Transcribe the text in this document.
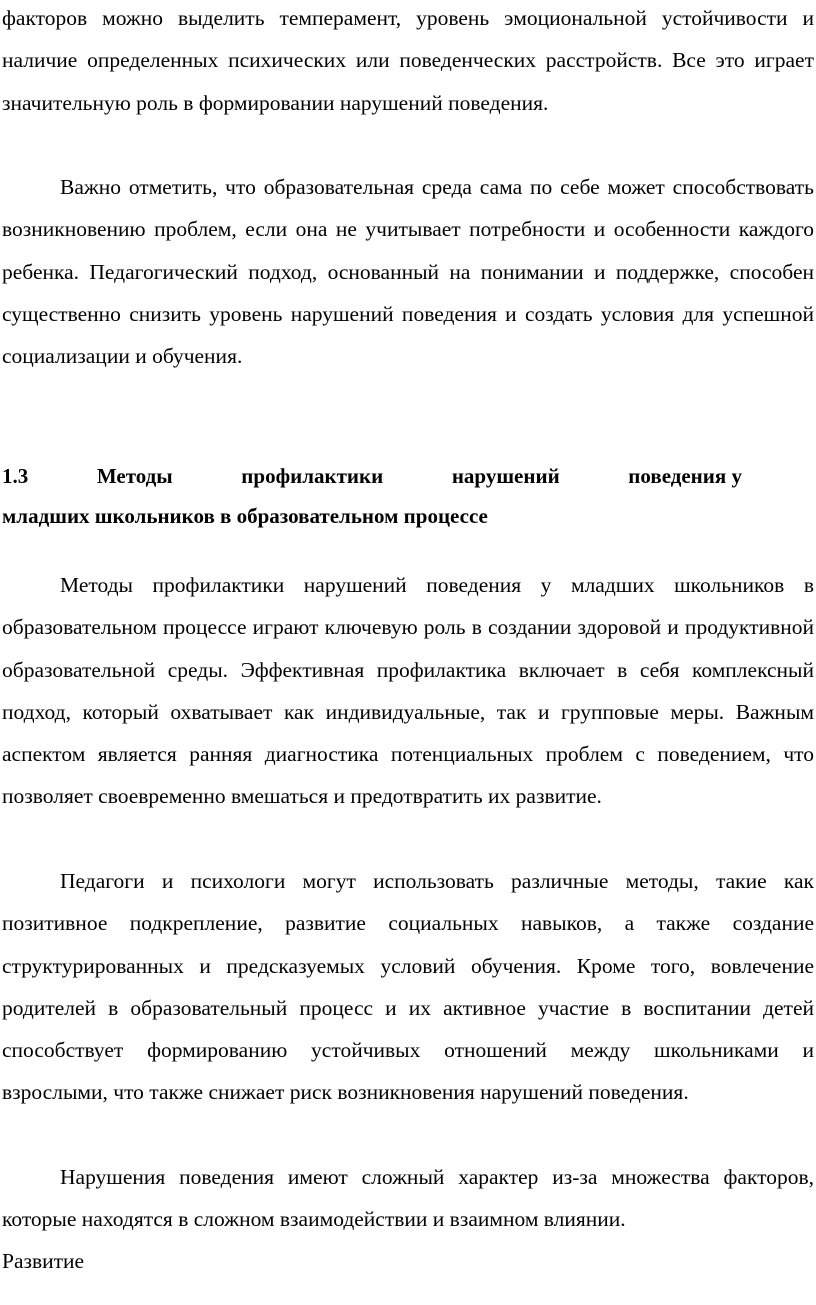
факторов можно выделить темперамент, уровень эмоциональной устойчивости и наличие определенных психических или поведенческих расстройств. Все это играет значительную роль в формировании нарушений поведения.

Важно отметить, что образовательная среда сама по себе может способствовать возникновению проблем, если она не учитывает потребности и особенности каждого ребенка. Педагогический подход, основанный на понимании и поддержке, способен существенно снизить уровень нарушений поведения и создать условия для успешной социализации и обучения.

1.3	Методы	профилактики	нарушений	поведения у
младших школьников в образовательном процессе

Методы профилактики нарушений поведения у младших школьников в образовательном процессе играют ключевую роль в создании здоровой и продуктивной образовательной среды. Эффективная профилактика включает в себя комплексный подход, который охватывает как индивидуальные, так и групповые меры. Важным аспектом является ранняя диагностика потенциальных проблем с поведением, что позволяет своевременно вмешаться и предотвратить их развитие.

Педагоги и психологи могут использовать различные методы, такие как позитивное подкрепление, развитие социальных навыков, а также создание структурированных и предсказуемых условий обучения. Кроме того, вовлечение родителей в образовательный процесс и их активное участие в воспитании детей способствует формированию устойчивых отношений между школьниками и взрослыми, что также снижает риск возникновения нарушений поведения.

Нарушения поведения имеют сложный характер из-за множества факторов, которые находятся в сложном взаимодействии и взаимном влиянии.

Развитие
